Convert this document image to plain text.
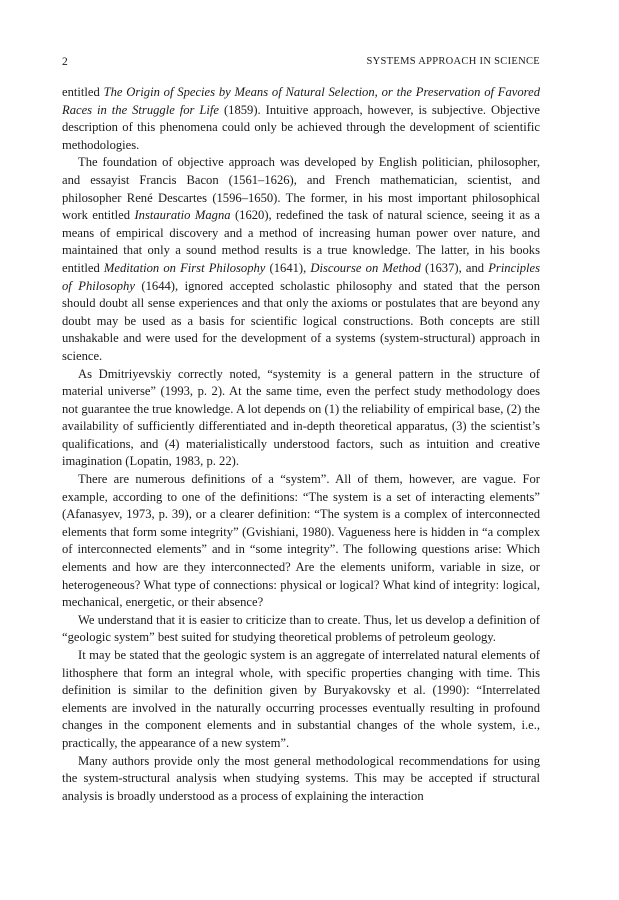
2	SYSTEMS APPROACH IN SCIENCE

entitled The Origin of Species by Means of Natural Selection, or the Preservation of Favored Races in the Struggle for Life (1859). Intuitive approach, however, is subjective. Objective description of this phenomena could only be achieved through the development of scientific methodologies.

The foundation of objective approach was developed by English politician, philosopher, and essayist Francis Bacon (1561–1626), and French mathematician, scientist, and philosopher René Descartes (1596–1650). The former, in his most important philosophical work entitled Instauratio Magna (1620), redefined the task of natural science, seeing it as a means of empirical discovery and a method of increasing human power over nature, and maintained that only a sound method results is a true knowledge. The latter, in his books entitled Meditation on First Philosophy (1641), Discourse on Method (1637), and Principles of Philosophy (1644), ignored accepted scholastic philosophy and stated that the person should doubt all sense experiences and that only the axioms or postulates that are beyond any doubt may be used as a basis for scientific logical constructions. Both concepts are still unshakable and were used for the development of a systems (system-structural) approach in science.

As Dmitriyevskiy correctly noted, “systemity is a general pattern in the structure of material universe” (1993, p. 2). At the same time, even the perfect study methodology does not guarantee the true knowledge. A lot depends on (1) the reliability of empirical base, (2) the availability of sufficiently differentiated and in-depth theoretical apparatus, (3) the scientist’s qualifications, and (4) materialistically understood factors, such as intuition and creative imagination (Lopatin, 1983, p. 22).

There are numerous definitions of a “system”. All of them, however, are vague. For example, according to one of the definitions: “The system is a set of interacting elements” (Afanasyev, 1973, p. 39), or a clearer definition: “The system is a complex of interconnected elements that form some integrity” (Gvishiani, 1980). Vagueness here is hidden in “a complex of interconnected elements” and in “some integrity”. The following questions arise: Which elements and how are they interconnected? Are the elements uniform, variable in size, or heterogeneous? What type of connections: physical or logical? What kind of integrity: logical, mechanical, energetic, or their absence?

We understand that it is easier to criticize than to create. Thus, let us develop a definition of “geologic system” best suited for studying theoretical problems of petroleum geology.

It may be stated that the geologic system is an aggregate of interrelated natural elements of lithosphere that form an integral whole, with specific properties changing with time. This definition is similar to the definition given by Buryakovsky et al. (1990): “Interrelated elements are involved in the naturally occurring processes eventually resulting in profound changes in the component elements and in substantial changes of the whole system, i.e., practically, the appearance of a new system”.

Many authors provide only the most general methodological recommendations for using the system-structural analysis when studying systems. This may be accepted if structural analysis is broadly understood as a process of explaining the interaction
